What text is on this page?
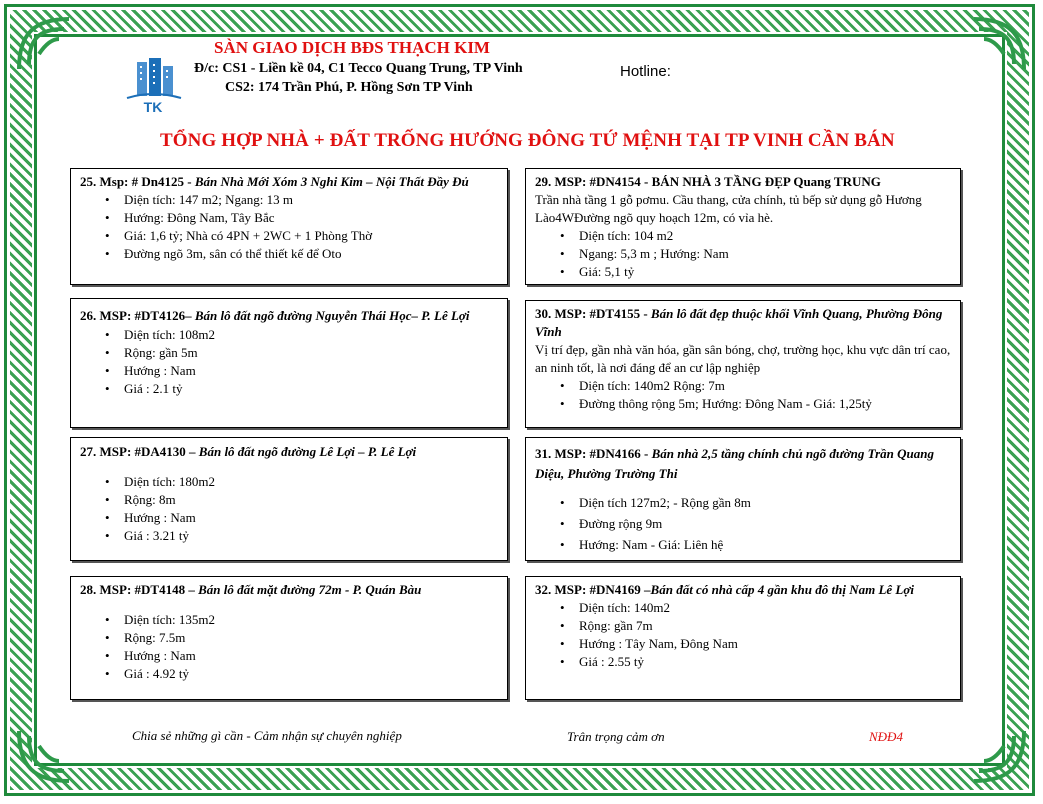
TK
SÀN GIAO DỊCH BĐS THẠCH KIM
Đ/c: CS1 - Liền kề 04, C1 Tecco Quang Trung, TP Vinh
CS2: 174 Trần Phú, P. Hồng Sơn TP Vinh
Hotline:
TỔNG HỢP NHÀ + ĐẤT TRỐNG HƯỚNG ĐÔNG TỨ MỆNH TẠI TP VINH CẦN BÁN

25. Msp: # Dn4125 - Bán Nhà Mới Xóm 3 Nghi Kim – Nội Thất Đầy Đủ

• Diện tích: 147 m2; Ngang: 13 m
• Hướng: Đông Nam, Tây Bắc
• Giá: 1,6 tỷ; Nhà có 4PN + 2WC + 1 Phòng Thờ
• Đường ngõ 3m, sân có thể thiết kế để Oto

26. MSP: #DT4126– Bán lô đất ngõ đường Nguyễn Thái Học– P. Lê Lợi

• Diện tích: 108m2
• Rộng: gần 5m
• Hướng : Nam
• Giá : 2.1 tỷ

27. MSP: #DA4130 – Bán lô đất ngõ đường Lê Lợi – P. Lê Lợi

• Diện tích: 180m2
• Rộng: 8m
• Hướng : Nam
• Giá : 3.21 tỷ

28. MSP: #DT4148 – Bán lô đất mặt đường 72m - P. Quán Bàu

• Diện tích: 135m2
• Rộng: 7.5m
• Hướng : Nam
• Giá : 4.92 tỷ

29. MSP: #DN4154 - BÁN NHÀ 3 TẦNG ĐẸP Quang TRUNG

Trần nhà tầng 1 gỗ pơmu. Cầu thang, cửa chính, tủ bếp sử dụng gỗ Hương Lào4WĐường ngõ quy hoạch 12m, có vỉa hè.

• Diện tích: 104 m2
• Ngang: 5,3 m ; Hướng: Nam
• Giá: 5,1 tỷ

30. MSP: #DT4155 - Bán lô đất đẹp thuộc khối Vĩnh Quang, Phường Đông Vĩnh

Vị trí đẹp, gần nhà văn hóa, gần sân bóng, chợ, trường học, khu vực dân trí cao, an ninh tốt, là nơi đáng để an cư lập nghiệp

• Diện tích: 140m2 Rộng: 7m
• Đường thông rộng 5m; Hướng: Đông Nam - Giá: 1,25tỷ

31. MSP: #DN4166 - Bán nhà 2,5 tầng chính chủ ngõ đường Trần Quang Diệu, Phường Trường Thi

• Diện tích 127m2; - Rộng gần 8m
• Đường rộng 9m
• Hướng: Nam - Giá: Liên hệ

32. MSP: #DN4169 –Bán đất có nhà cấp 4 gần khu đô thị Nam Lê Lợi

• Diện tích: 140m2
• Rộng: gần 7m
• Hướng : Tây Nam, Đông Nam
• Giá : 2.55 tỷ
Chia sẻ những gì cần - Cảm nhận sự chuyên nghiệp	Trân trọng cảm ơn	NĐĐ4
